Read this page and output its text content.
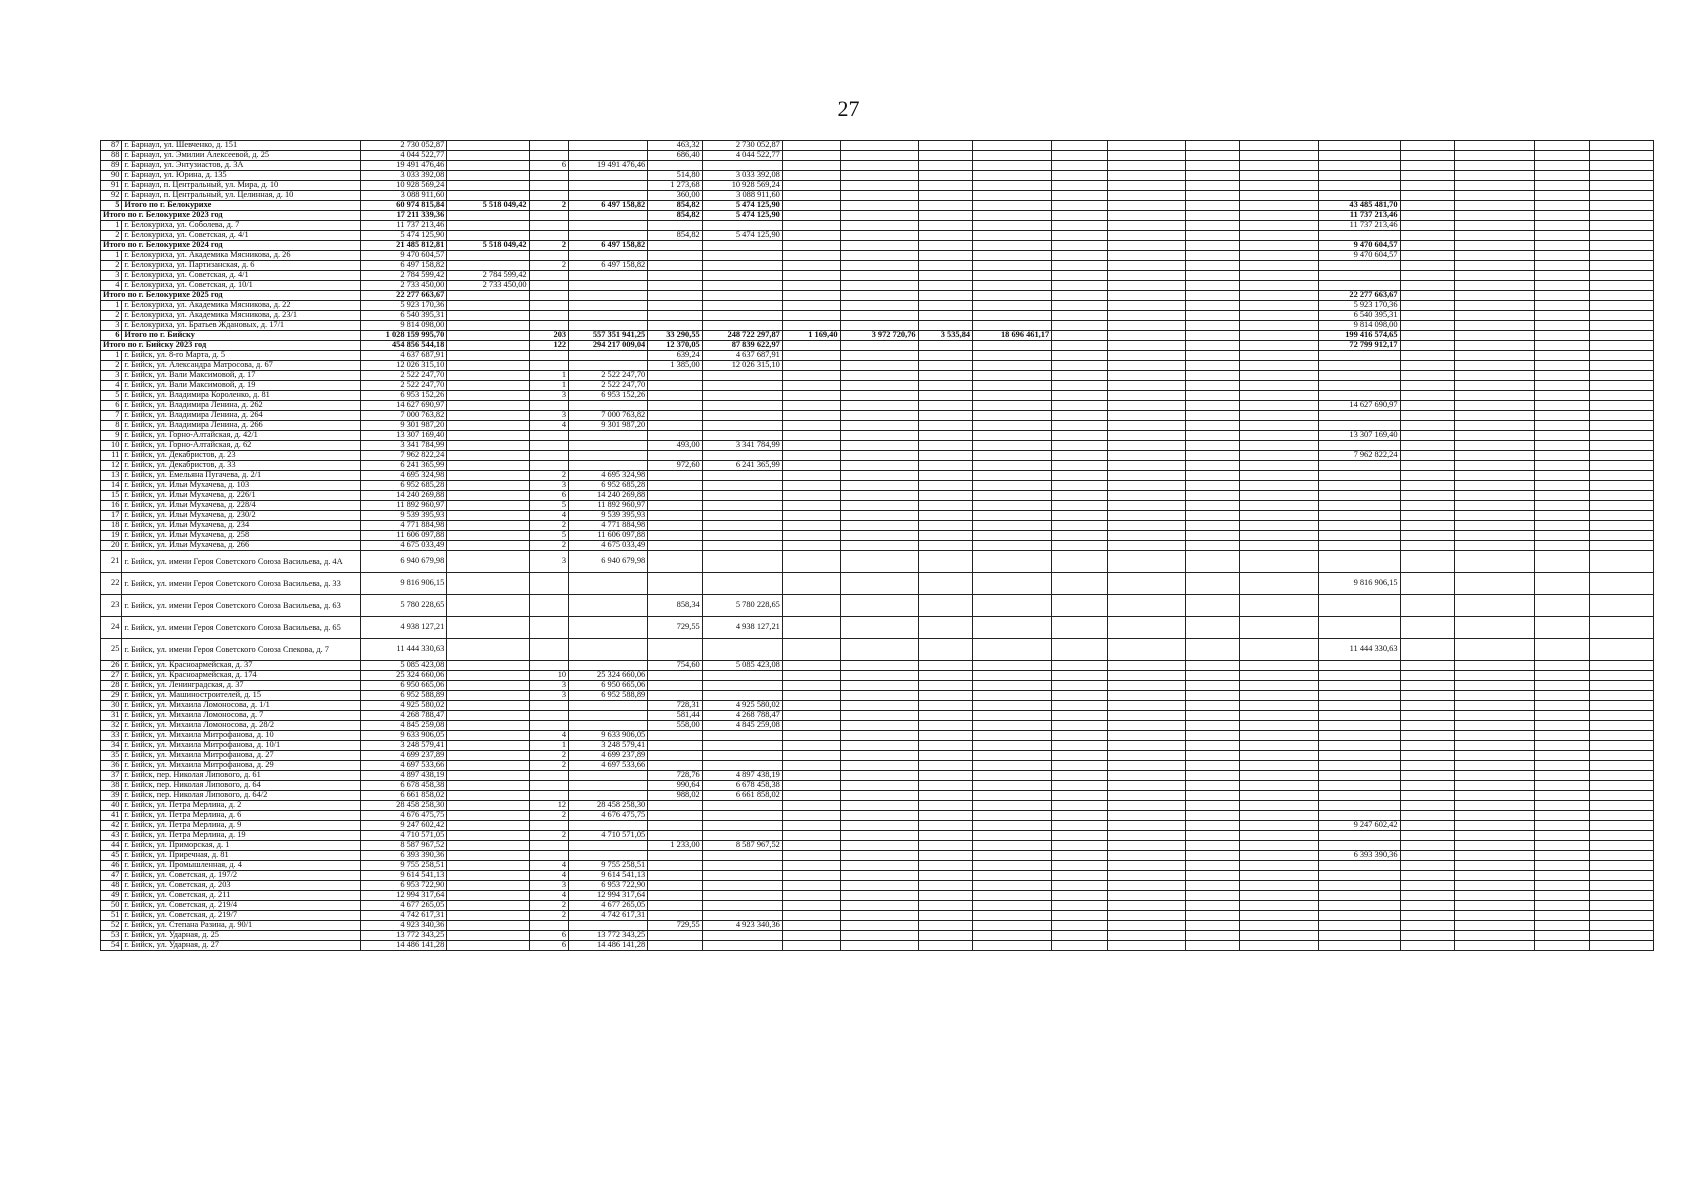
27
87	г. Барнаул, ул. Шевченко, д. 151	2 730 052,87				463,32	2 730 052,87													
88	г. Барнаул, ул. Эмилии Алексеевой, д. 25	4 044 522,77				686,40	4 044 522,77													
89	г. Барнаул, ул. Энтузиастов, д. 3А	19 491 476,46		6	19 491 476,46															
90	г. Барнаул, ул. Юрина, д. 135	3 033 392,08				514,80	3 033 392,08													
91	г. Барнаул, п. Центральный, ул. Мира, д. 10	10 928 569,24				1 273,68	10 928 569,24													
92	г. Барнаул, п. Центральный, ул. Целинная, д. 10	3 088 911,60				360,00	3 088 911,60													
5	Итого по г. Белокурихе	60 974 815,84	5 518 049,42	2	6 497 158,82	854,82	5 474 125,90									43 485 481,70				
Итого по г. Белокурихе 2023 год		17 211 339,36				854,82	5 474 125,90									11 737 213,46				
1	г. Белокуриха, ул. Соболева, д. 7	11 737 213,46														11 737 213,46				
2	г. Белокуриха, ул. Советская, д. 4/1	5 474 125,90				854,82	5 474 125,90													
Итого по г. Белокурихе 2024 год		21 485 812,81	5 518 049,42	2	6 497 158,82											9 470 604,57				
1	г. Белокуриха, ул. Академика Мясникова, д. 26	9 470 604,57														9 470 604,57				
2	г. Белокуриха, ул. Партизанская, д. 6	6 497 158,82		2	6 497 158,82															
3	г. Белокуриха, ул. Советская, д. 4/1	2 784 599,42	2 784 599,42																	
4	г. Белокуриха, ул. Советская, д. 10/1	2 733 450,00	2 733 450,00																	
Итого по г. Белокурихе 2025 год		22 277 663,67														22 277 663,67				
1	г. Белокуриха, ул. Академика Мясникова, д. 22	5 923 170,36														5 923 170,36				
2	г. Белокуриха, ул. Академика Мясникова, д. 23/1	6 540 395,31														6 540 395,31				
3	г. Белокуриха, ул. Братьев Ждановых, д. 17/1	9 814 098,00														9 814 098,00				
6	Итого по г. Бийску	1 028 159 995,70		203	557 351 941,25	33 290,55	248 722 297,87	1 169,40	3 972 720,76	3 535,84	18 696 461,17					199 416 574,65				
Итого по г. Бийску 2023 год		454 856 544,18		122	294 217 009,04	12 370,05	87 839 622,97									72 799 912,17				
1	г. Бийск, ул. 8-го Марта, д. 5	4 637 687,91				639,24	4 637 687,91													
2	г. Бийск, ул. Александра Матросова, д. 67	12 026 315,10				1 385,00	12 026 315,10													
3	г. Бийск, ул. Вали Максимовой, д. 17	2 522 247,70		1	2 522 247,70															
4	г. Бийск, ул. Вали Максимовой, д. 19	2 522 247,70		1	2 522 247,70															
5	г. Бийск, ул. Владимира Короленко, д. 81	6 953 152,26		3	6 953 152,26															
6	г. Бийск, ул. Владимира Ленина, д. 262	14 627 690,97														14 627 690,97				
7	г. Бийск, ул. Владимира Ленина, д. 264	7 000 763,82		3	7 000 763,82															
8	г. Бийск, ул. Владимира Ленина, д. 266	9 301 987,20		4	9 301 987,20															
9	г. Бийск, ул. Горно-Алтайская, д. 42/1	13 307 169,40														13 307 169,40				
10	г. Бийск, ул. Горно-Алтайская, д. 62	3 341 784,99				493,00	3 341 784,99													
11	г. Бийск, ул. Декабристов, д. 23	7 962 822,24														7 962 822,24				
12	г. Бийск, ул. Декабристов, д. 33	6 241 365,99				972,60	6 241 365,99													
13	г. Бийск, ул. Емельяна Пугачева, д. 2/1	4 695 324,98		2	4 695 324,98															
14	г. Бийск, ул. Ильи Мухачева, д. 103	6 952 685,28		3	6 952 685,28															
15	г. Бийск, ул. Ильи Мухачева, д. 226/1	14 240 269,88		6	14 240 269,88															
16	г. Бийск, ул. Ильи Мухачева, д. 228/4	11 892 960,97		5	11 892 960,97															
17	г. Бийск, ул. Ильи Мухачева, д. 230/2	9 539 395,93		4	9 539 395,93															
18	г. Бийск, ул. Ильи Мухачева, д. 234	4 771 884,98		2	4 771 884,98															
19	г. Бийск, ул. Ильи Мухачева, д. 258	11 606 097,88		5	11 606 097,88															
20	г. Бийск, ул. Ильи Мухачева, д. 266	4 675 033,49		2	4 675 033,49															
21	г. Бийск, ул. имени Героя Советского Союза Васильева, д. 4А	6 940 679,98		3	6 940 679,98															
22	г. Бийск, ул. имени Героя Советского Союза Васильева, д. 33	9 816 906,15														9 816 906,15				
23	г. Бийск, ул. имени Героя Советского Союза Васильева, д. 63	5 780 228,65				858,34	5 780 228,65													
24	г. Бийск, ул. имени Героя Советского Союза Васильева, д. 65	4 938 127,21				729,55	4 938 127,21													
25	г. Бийск, ул. имени Героя Советского Союза Спекова, д. 7	11 444 330,63														11 444 330,63				
26	г. Бийск, ул. Красноармейская, д. 37	5 085 423,08				754,60	5 085 423,08													
27	г. Бийск, ул. Красноармейская, д. 174	25 324 660,06		10	25 324 660,06															
28	г. Бийск, ул. Ленинградская, д. 37	6 950 665,06		3	6 950 665,06															
29	г. Бийск, ул. Машиностроителей, д. 15	6 952 588,89		3	6 952 588,89															
30	г. Бийск, ул. Михаила Ломоносова, д. 1/1	4 925 580,02				728,31	4 925 580,02													
31	г. Бийск, ул. Михаила Ломоносова, д. 7	4 268 788,47				581,44	4 268 788,47													
32	г. Бийск, ул. Михаила Ломоносова, д. 28/2	4 845 259,08				558,00	4 845 259,08													
33	г. Бийск, ул. Михаила Митрофанова, д. 10	9 633 906,05		4	9 633 906,05															
34	г. Бийск, ул. Михаила Митрофанова, д. 10/1	3 248 579,41		1	3 248 579,41															
35	г. Бийск, ул. Михаила Митрофанова, д. 27	4 699 237,89		2	4 699 237,89															
36	г. Бийск, ул. Михаила Митрофанова, д. 29	4 697 533,66		2	4 697 533,66															
37	г. Бийск, пер. Николая Липового, д. 61	4 897 438,19				728,76	4 897 438,19													
38	г. Бийск, пер. Николая Липового, д. 64	6 678 458,38				990,64	6 678 458,38													
39	г. Бийск, пер. Николая Липового, д. 64/2	6 661 858,02				988,02	6 661 858,02													
40	г. Бийск, ул. Петра Мерлина, д. 2	28 458 258,30		12	28 458 258,30															
41	г. Бийск, ул. Петра Мерлина, д. 6	4 676 475,75		2	4 676 475,75															
42	г. Бийск, ул. Петра Мерлина, д. 9	9 247 602,42														9 247 602,42				
43	г. Бийск, ул. Петра Мерлина, д. 19	4 710 571,05		2	4 710 571,05															
44	г. Бийск, ул. Приморская, д. 1	8 587 967,52				1 233,00	8 587 967,52													
45	г. Бийск, ул. Приречная, д. 81	6 393 390,36														6 393 390,36				
46	г. Бийск, ул. Промышленная, д. 4	9 755 258,51		4	9 755 258,51															
47	г. Бийск, ул. Советская, д. 197/2	9 614 541,13		4	9 614 541,13															
48	г. Бийск, ул. Советская, д. 203	6 953 722,90		3	6 953 722,90															
49	г. Бийск, ул. Советская, д. 211	12 994 317,64		4	12 994 317,64															
50	г. Бийск, ул. Советская, д. 219/4	4 677 265,05		2	4 677 265,05															
51	г. Бийск, ул. Советская, д. 219/7	4 742 617,31		2	4 742 617,31															
52	г. Бийск, ул. Степана Разина, д. 90/1	4 923 340,36				729,55	4 923 340,36													
53	г. Бийск, ул. Ударная, д. 25	13 772 343,25		6	13 772 343,25															
54	г. Бийск, ул. Ударная, д. 27	14 486 141,28		6	14 486 141,28															
